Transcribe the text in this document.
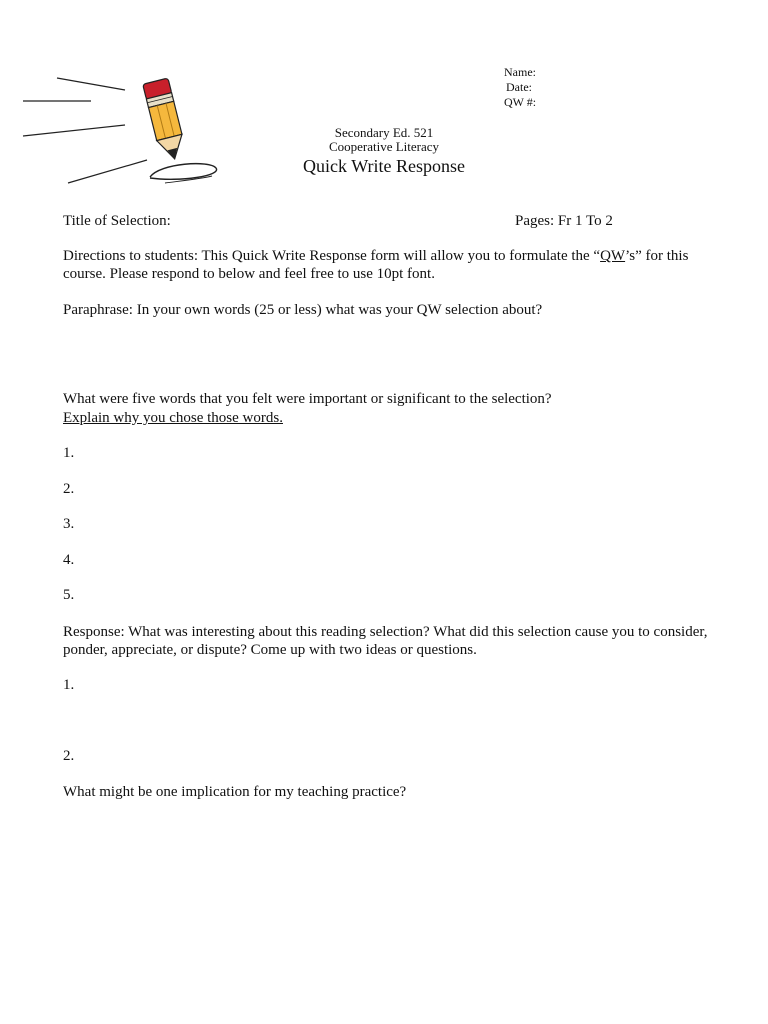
Name:
Date:
QW #:
Secondary Ed. 521
Cooperative Literacy
Quick Write Response
Title of Selection:	Pages: Fr 1 To 2
Directions to students: This Quick Write Response form will allow you to formulate the “QW’s” for this course. Please respond to below and feel free to use 10pt font.
Paraphrase: In your own words (25 or less) what was your QW selection about?
What were five words that you felt were important or significant to the selection?
Explain why you chose those words.
1.
2.
3.
4.
5.
Response: What was interesting about this reading selection? What did this selection cause you to consider, ponder, appreciate, or dispute? Come up with two ideas or questions.
1.
2.
What might be one implication for my teaching practice?
